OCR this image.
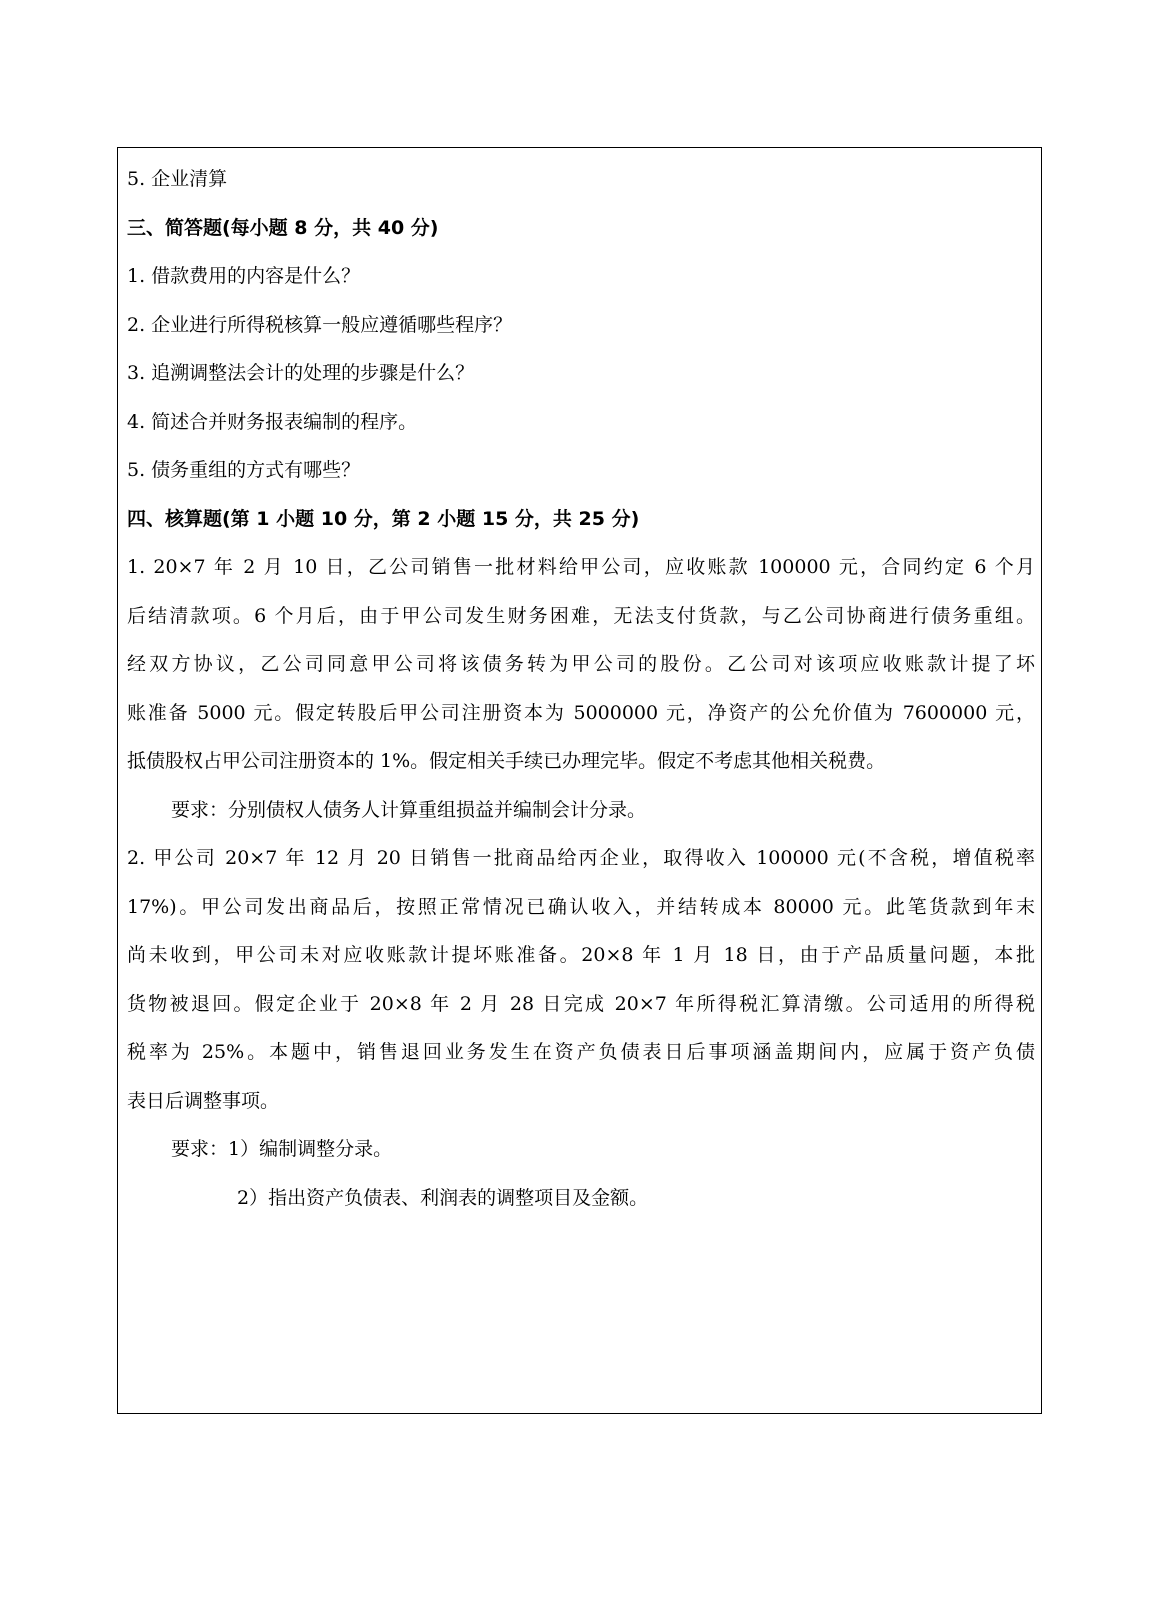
5. 企业清算
三、简答题(每小题 8 分，共 40 分)
1. 借款费用的内容是什么？
2. 企业进行所得税核算一般应遵循哪些程序？
3. 追溯调整法会计的处理的步骤是什么？
4. 简述合并财务报表编制的程序。
5. 债务重组的方式有哪些？
四、核算题(第 1 小题 10 分，第 2 小题 15 分，共 25 分)
1. 20×7 年 2 月 10 日，乙公司销售一批材料给甲公司，应收账款 100000 元，合同约定 6 个月
后结清款项。6 个月后，由于甲公司发生财务困难，无法支付货款，与乙公司协商进行债务重组。
经双方协议，乙公司同意甲公司将该债务转为甲公司的股份。乙公司对该项应收账款计提了坏
账准备 5000 元。假定转股后甲公司注册资本为 5000000 元，净资产的公允价值为 7600000 元，
抵债股权占甲公司注册资本的 1%。假定相关手续已办理完毕。假定不考虑其他相关税费。
要求：分别债权人债务人计算重组损益并编制会计分录。
2. 甲公司 20×7 年 12 月 20 日销售一批商品给丙企业，取得收入 100000 元(不含税，增值税率
17%)。甲公司发出商品后，按照正常情况已确认收入，并结转成本 80000 元。此笔货款到年末
尚未收到，甲公司未对应收账款计提坏账准备。20×8 年 1 月 18 日，由于产品质量问题，本批
货物被退回。假定企业于 20×8 年 2 月 28 日完成 20×7 年所得税汇算清缴。公司适用的所得税
税率为 25%。本题中，销售退回业务发生在资产负债表日后事项涵盖期间内，应属于资产负债
表日后调整事项。
要求：1）编制调整分录。
2）指出资产负债表、利润表的调整项目及金额。
